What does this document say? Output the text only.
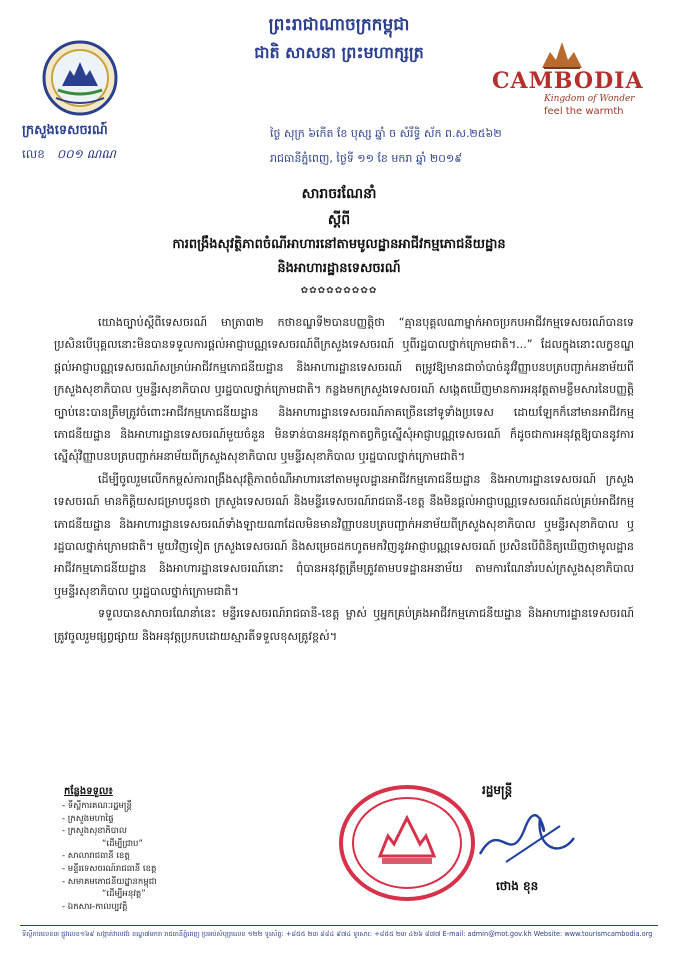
ព្រះរាជាណាចក្រកម្ពុជា
ជាតិ សាសនា ព្រះមហាក្សត្រ
ក្រសួងទេសចរណ៍
លេខ ០០១ ណណ
CAMBODIA
Kingdom of Wonder
feel the warmth
ថ្ងៃ សុក្រ ៦កើត ខែ បុស្ស ឆ្នាំ ច សំរឹទ្ធិ ស័ក ព.ស.២៥៦២
រាជធានីភ្នំពេញ, ថ្ងៃទី ១១ ខែ មករា ឆ្នាំ ២០១៩
សារាចរណែនាំ
ស្តីពី
ការពង្រឹងសុវត្ថិភាពចំណីអាហារនៅតាមមូលដ្ឋានអាជីវកម្មភោជនីយដ្ឋាន
និងអាហារដ្ឋានទេសចរណ៍
✿✿✿✿✿✿✿✿✿

យោងច្បាប់ស្តីពីទេសចរណ៍ មាត្រា៣២ កថាខណ្ឌទី២បានបញ្ញត្តិថា “គ្មានបុគ្គលណាម្នាក់អាចប្រកបអាជីវកម្មទេសចរណ៍បានទេ ប្រសិនបើបុគ្គលនោះមិនបានទទួលការផ្តល់អាជ្ញាបណ្ណទេសចរណ៍ពីក្រសួងទេសចរណ៍ ឬពីរដ្ឋបាលថ្នាក់ក្រោមជាតិ។...” ដែលក្នុងនោះលក្ខខណ្ឌផ្តល់អាជ្ញាបណ្ណទេសចរណ៍សម្រាប់អាជីវកម្មភោជនីយដ្ឋាន និងអាហារដ្ឋានទេសចរណ៍ តម្រូវឱ្យមានជាចាំបាច់នូវវិញ្ញាបនបត្របញ្ជាក់អនាម័យពីក្រសួងសុខាភិបាល ឬមន្ទីរសុខាភិបាល ឬរដ្ឋបាលថ្នាក់ក្រោមជាតិ។ កន្លងមកក្រសួងទេសចរណ៍ សង្កេតឃើញមានការអនុវត្តតាមខ្លឹមសារនៃបញ្ញត្តិច្បាប់នេះបានត្រឹមត្រូវចំពោះអាជីវកម្មភោជនីយដ្ឋាន និងអាហារដ្ឋានទេសចរណ៍ភាគច្រើននៅទូទាំងប្រទេស ដោយឡែកក៏នៅមានអាជីវកម្មភោជនីយដ្ឋាន និងអាហារដ្ឋានទេសចរណ៍មួយចំនួន មិនទាន់បានអនុវត្តកាតព្វកិច្ចស្នើសុំអាជ្ញាបណ្ណទេសចរណ៍ ក៏ដូចជាការអនុវត្តឱ្យបាននូវការស្នើសុំវិញ្ញាបនបត្របញ្ជាក់អនាម័យពីក្រសួងសុខាភិបាល ឬមន្ទីរសុខាភិបាល ឬរដ្ឋបាលថ្នាក់ក្រោមជាតិ។

ដើម្បីចូលរួមលើកកម្ពស់ការពង្រឹងសុវត្ថិភាពចំណីអាហារនៅតាមមូលដ្ឋានអាជីវកម្មភោជនីយដ្ឋាន និងអាហារដ្ឋានទេសចរណ៍ ក្រសួងទេសចរណ៍ មានកិត្តិយសជម្រាបជូនថា ក្រសួងទេសចរណ៍ និងមន្ទីរទេសចរណ៍រាជធានី-ខេត្ត នឹងមិនផ្តល់អាជ្ញាបណ្ណទេសចរណ៍ដល់គ្រប់អាជីវកម្មភោជនីយដ្ឋាន និងអាហារដ្ឋានទេសចរណ៍ទាំងឡាយណាដែលមិនមានវិញ្ញាបនបត្របញ្ជាក់អនាម័យពីក្រសួងសុខាភិបាល ឬមន្ទីរសុខាភិបាល ឬរដ្ឋបាលថ្នាក់ក្រោមជាតិ។ មួយវិញទៀត ក្រសួងទេសចរណ៍ និងសម្រេចដកហូតមកវិញនូវអាជ្ញាបណ្ណទេសចរណ៍ ប្រសិនបើពិនិត្យឃើញថាមូលដ្ឋានអាជីវកម្មភោជនីយដ្ឋាន និងអាហារដ្ឋានទេសចរណ៍នោះ ពុំបានអនុវត្តត្រឹមត្រូវតាមបទដ្ឋានអនាម័យ តាមការណែនាំរបស់ក្រសួងសុខាភិបាល ឬមន្ទីរសុខាភិបាល ឬរដ្ឋបាលថ្នាក់ក្រោមជាតិ។

ទទួលបានសារាចរណែនាំនេះ មន្ទីរទេសចរណ៍រាជធានី-ខេត្ត ម្ចាស់ ឬអ្នកគ្រប់គ្រងអាជីវកម្មភោជនីយដ្ឋាន និងអាហារដ្ឋានទេសចរណ៍ ត្រូវចូលរួមផ្សព្វផ្សាយ និងអនុវត្តប្រកបដោយស្មារតីទទួលខុសត្រូវខ្ពស់។

រដ្ឋមន្ត្រី
ថោង ខុន
កន្លែងទទួល៖
- ទីស្តីការគណៈរដ្ឋមន្ត្រី
- ក្រសួងមហាផ្ទៃ
- ក្រសួងសុខាភិបាល
“ដើម្បីជ្រាប”
- សាលារាជធានី ខេត្ត
- មន្ទីរទេសចរណ៍រាជធានី ខេត្ត
- សមាគមភោជនីយដ្ឋានកម្ពុជា
“ដើម្បីអនុវត្ត”
- ឯកសារ-កាលប្បវត្តិ
ទីស្តីការលេខ៣ ផ្លូវលេខ១៦៩ សង្កាត់វាលវង់ ខណ្ឌ៧មករា រាជធានីភ្នំពេញ ប្រអប់សំបុត្រលេខ ១២២ ទូរស័ព្ទ: +៨៥៥ ២៣ ៨៨៤ ៩៧៤ ទូរសារ: +៨៥៥ ២៣ ៤២៦ ៨៧៧ E-mail: admin@mot.gov.kh Website: www.tourismcambodia.org
